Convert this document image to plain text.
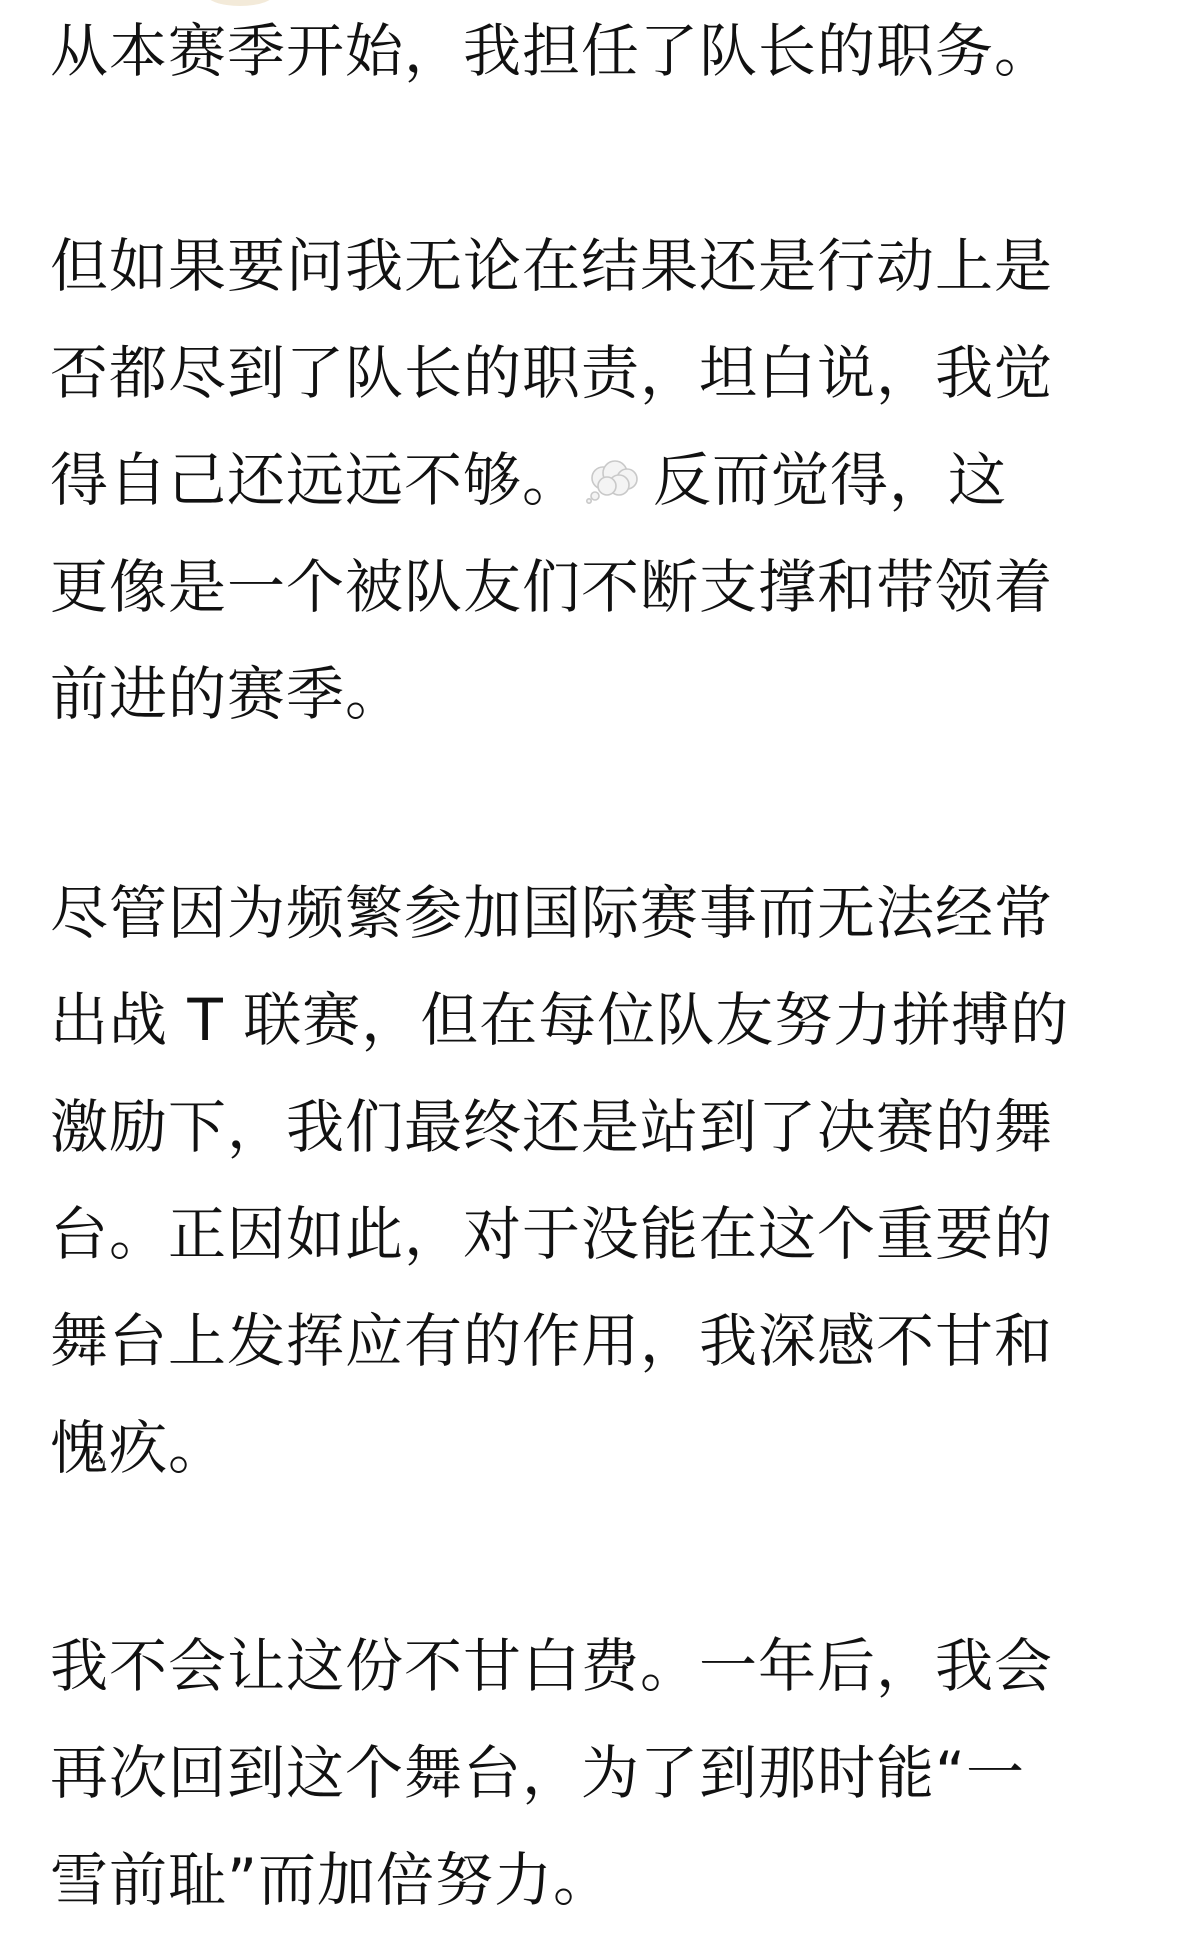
从本赛季开始，我担任了队长的职务。

但如果要问我无论在结果还是行动上是
否都尽到了队长的职责，坦白说，我觉
得自己还远远不够。 反而觉得，这
更像是一个被队友们不断支撑和带领着
前进的赛季。

尽管因为频繁参加国际赛事而无法经常
出战 T 联赛，但在每位队友努力拼搏的
激励下，我们最终还是站到了决赛的舞
台。正因如此，对于没能在这个重要的
舞台上发挥应有的作用，我深感不甘和
愧疚。

我不会让这份不甘白费。一年后，我会
再次回到这个舞台，为了到那时能“一
雪前耻”而加倍努力。
